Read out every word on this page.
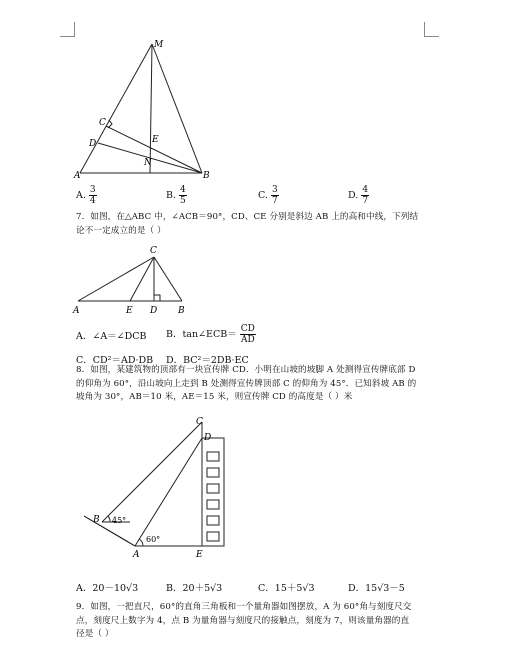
M
C
E
D
N
A	B
A. $\frac{3}{4}$	B. $\frac{4}{5}$	C. $\frac{3}{7}$	D. $\frac{4}{7}$
7．如图，在△ABC 中，∠ACB＝90°，CD、CE 分别是斜边 AB 上的高和中线，下列结
论不一定成立的是（ ）
C
A	E D B
A．∠A＝∠DCB B．tan∠ECB＝ $\frac{CD}{AD}$
C．CD²＝AD·DB D．BC²＝2DB·EC
8．如图，某建筑物的顶部有一块宣传牌 CD．小明在山坡的坡脚 A 处测得宣传牌底部 D
的仰角为 60°，沿山坡向上走到 B 处测得宣传牌顶部 C 的仰角为 45°．已知斜坡 AB 的
坡角为 30°，AB＝10 米，AE＝15 米，则宣传牌 CD 的高度是（ ）米
C
D
B
A	E
45°
60°
A．20－10√3	B．20＋5√3	C．15＋5√3	D．15√3－5
9．如图，一把直尺，60°的直角三角板和一个量角器如图摆放，A 为 60°角与刻度尺交
点，刻度尺上数字为 4，点 B 为量角器与刻度尺的接触点，刻度为 7，则该量角器的直
径是（ ）
